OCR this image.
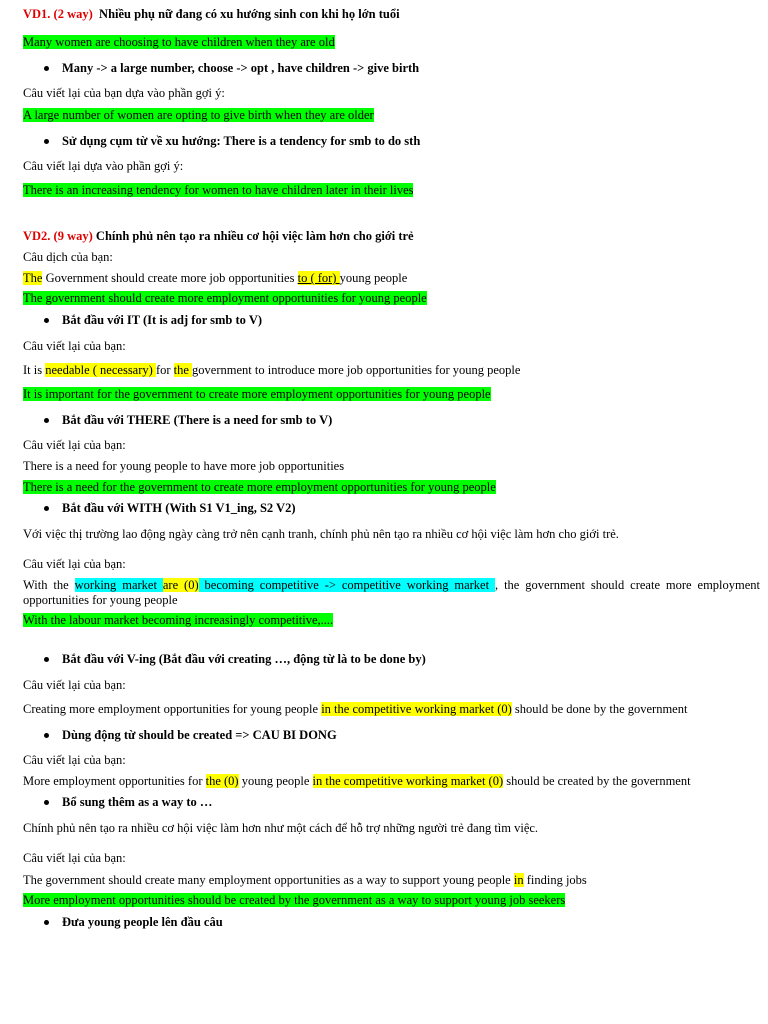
VD1. (2 way) Nhiều phụ nữ đang có xu hướng sinh con khi họ lớn tuổi
Many women are choosing to have children when they are old
Many -> a large number, choose -> opt , have children -> give birth
Câu viết lại của bạn dựa vào phần gợi ý:
A large number of women are opting to give birth when they are older
Sử dụng cụm từ về xu hướng: There is a tendency for smb to do sth
Câu viết lại dựa vào phần gợi ý:
There is an increasing tendency for women to have children later in their lives
VD2. (9 way) Chính phủ nên tạo ra nhiều cơ hội việc làm hơn cho giới trẻ
Câu dịch của bạn:
The Government should create more job opportunities to ( for) young people
The government should create more employment opportunities for young people
Bắt đầu với IT (It is adj for smb to V)
Câu viết lại của bạn:
It is needable ( necessary) for the government to introduce more job opportunities for young people
It is important for the government to create more employment opportunities for young people
Bắt đầu với THERE (There is a need for smb to V)
Câu viết lại của bạn:
There is a need for young people to have more job opportunities
There is a need for the government to create more employment opportunities for young people
Bắt đầu với WITH (With S1 V1_ing, S2 V2)
Với việc thị trường lao động ngày càng trở nên cạnh tranh, chính phủ nên tạo ra nhiều cơ hội việc làm hơn cho giới trẻ.
Câu viết lại của bạn:
With the working market are (0) becoming competitive -> competitive working market , the government should create more employment opportunities for young people
With the labour market becoming increasingly competitive,....
Bắt đầu với V-ing (Bắt đầu với creating …, động từ là to be done by)
Câu viết lại của bạn:
Creating more employment opportunities for young people in the competitive working market (0) should be done by the government
Dùng động từ should be created => CAU BI DONG
Câu viết lại của bạn:
More employment opportunities for the (0) young people in the competitive working market (0) should be created by the government
Bổ sung thêm as a way to …
Chính phủ nên tạo ra nhiều cơ hội việc làm hơn như một cách để hỗ trợ những người trẻ đang tìm việc.
Câu viết lại của bạn:
The government should create many employment opportunities as a way to support young people in finding jobs
More employment opportunities should be created by the government as a way to support young job seekers
Đưa young people lên đầu câu
